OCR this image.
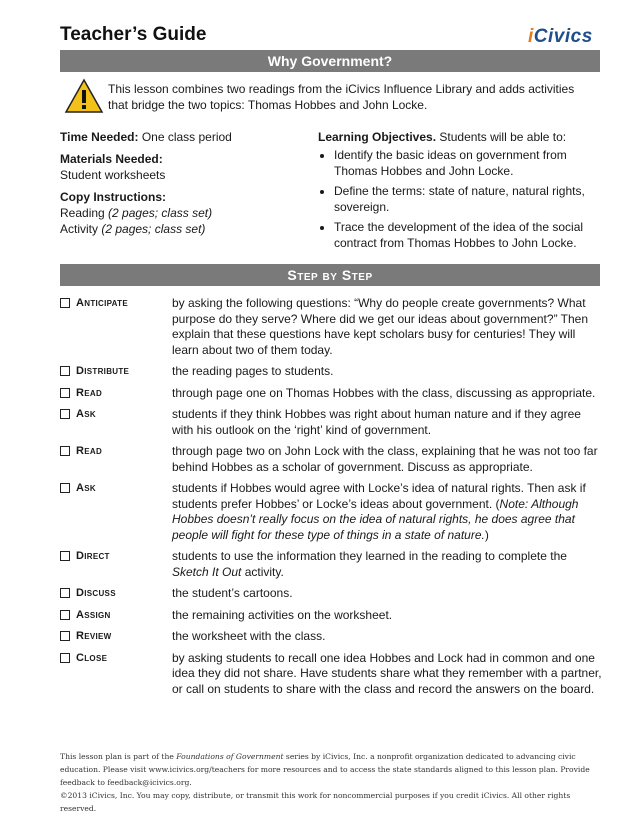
Teacher’s Guide	iCivics
Why Government?
This lesson combines two readings from the iCivics Influence Library and adds activities that bridge the two topics: Thomas Hobbes and John Locke.

Time Needed: One class period

Materials Needed:

Student worksheets

Copy Instructions:

Reading (2 pages; class set)

Activity (2 pages; class set)

Learning Objectives. Students will be able to:
• Identify the basic ideas on government from Thomas Hobbes and John Locke.
• Define the terms: state of nature, natural rights, sovereign.
• Trace the development of the idea of the social contract from Thomas Hobbes to John Locke.
Step by Step
Anticipate	by asking the following questions: “Why do people create governments? What purpose do they serve? Where did we get our ideas about government?” Then explain that these questions have kept scholars busy for centuries! They will learn about two of them today.
Distribute	the reading pages to students.
Read	through page one on Thomas Hobbes with the class, discussing as appropriate.
Ask	students if they think Hobbes was right about human nature and if they agree with his outlook on the ‘right’ kind of government.
Read	through page two on John Lock with the class, explaining that he was not too far behind Hobbes as a scholar of government. Discuss as appropriate.
Ask	students if Hobbes would agree with Locke’s idea of natural rights. Then ask if students prefer Hobbes’ or Locke’s ideas about government. (Note: Although Hobbes doesn’t really focus on the idea of natural rights, he does agree that people will fight for these type of things in a state of nature.)
Direct	students to use the information they learned in the reading to complete the Sketch It Out activity.
Discuss	the student’s cartoons.
Assign	the remaining activities on the worksheet.
Review	the worksheet with the class.
Close	by asking students to recall one idea Hobbes and Lock had in common and one idea they did not share. Have students share what they remember with a partner, or call on students to share with the class and record the answers on the board.

This lesson plan is part of the Foundations of Government series by iCivics, Inc. a nonprofit organization dedicated to advancing civic education. Please visit www.icivics.org/teachers for more resources and to access the state standards aligned to this lesson plan. Provide feedback to feedback@icivics.org.

©2013 iCivics, Inc. You may copy, distribute, or transmit this work for noncommercial purposes if you credit iCivics. All other rights reserved.
